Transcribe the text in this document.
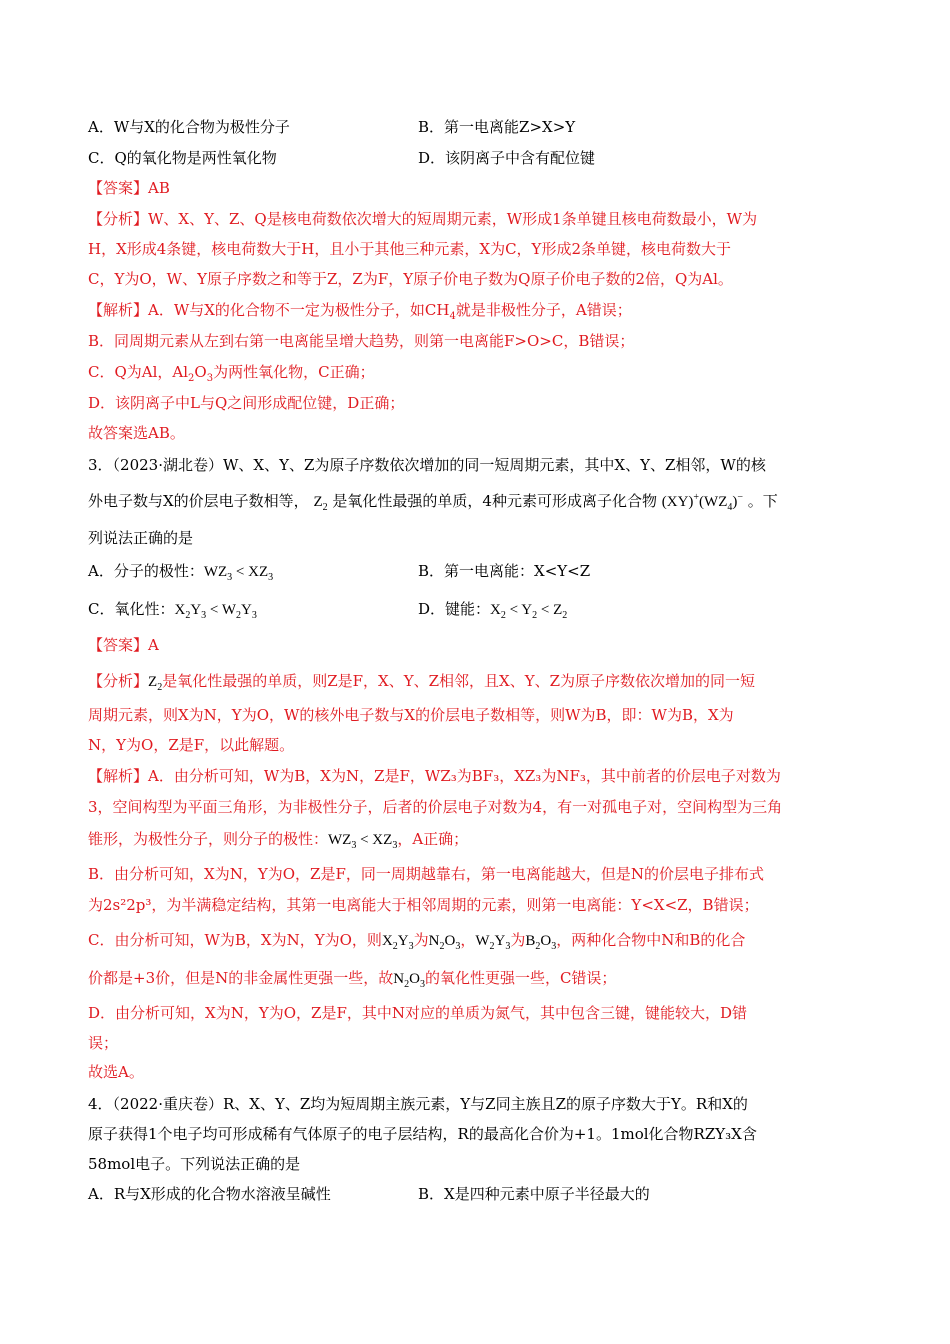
A．W与X的化合物为极性分子	B．第一电离能Z>X>Y
C．Q的氧化物是两性氧化物	D．该阴离子中含有配位键
【答案】AB
【分析】W、X、Y、Z、Q是核电荷数依次增大的短周期元素，W形成1条单键且核电荷数最小，W为
H，X形成4条键，核电荷数大于H，且小于其他三种元素，X为C，Y形成2条单键，核电荷数大于
C，Y为O，W、Y原子序数之和等于Z，Z为F，Y原子价电子数为Q原子价电子数的2倍，Q为Al。
【解析】A．W与X的化合物不一定为极性分子，如$CH_4$就是非极性分子，A错误；
B．同周期元素从左到右第一电离能呈增大趋势，则第一电离能F>O>C，B错误；
C．Q为Al，$Al_2O_3$为两性氧化物，C正确；
D．该阴离子中L与Q之间形成配位键，D正确；
故答案选AB。
3．（2023·湖北卷）W、X、Y、Z为原子序数依次增加的同一短周期元素，其中X、Y、Z相邻，W的核
外电子数与X的价层电子数相等， $Z_2$ 是氧化性最强的单质，4种元素可形成离子化合物 $(XY)^+(WZ_4)^-$ 。下
列说法正确的是
A．分子的极性：$WZ_3 < XZ_3$	B．第一电离能：X<Y<Z
C．氧化性：$X_2Y_3 < W_2Y_3$	D．键能：$X_2 < Y_2 < Z_2$
【答案】A
【分析】$Z_2$是氧化性最强的单质，则Z是F，X、Y、Z相邻，且X、Y、Z为原子序数依次增加的同一短
周期元素，则X为N，Y为O，W的核外电子数与X的价层电子数相等，则W为B，即：W为B，X为
N，Y为O，Z是F，以此解题。
【解析】A．由分析可知，W为B，X为N，Z是F，WZ₃为BF₃，XZ₃为NF₃，其中前者的价层电子对数为
3，空间构型为平面三角形，为非极性分子，后者的价层电子对数为4，有一对孤电子对，空间构型为三角
锥形，为极性分子，则分子的极性：$WZ_3 < XZ_3$，A正确；
B．由分析可知，X为N，Y为O，Z是F，同一周期越靠右，第一电离能越大，但是N的价层电子排布式
为2s²2p³，为半满稳定结构，其第一电离能大于相邻周期的元素，则第一电离能：Y<X<Z，B错误；
C．由分析可知，W为B，X为N，Y为O，则$X_2Y_3$为$N_2O_3$，$W_2Y_3$为$B_2O_3$，两种化合物中N和B的化合
价都是+3价，但是N的非金属性更强一些，故$N_2O_3$的氧化性更强一些，C错误；
D．由分析可知，X为N，Y为O，Z是F，其中N对应的单质为氮气，其中包含三键，键能较大，D错
误；
故选A。
4．（2022·重庆卷）R、X、Y、Z均为短周期主族元素，Y与Z同主族且Z的原子序数大于Y。R和X的
原子获得1个电子均可形成稀有气体原子的电子层结构，R的最高化合价为+1。1mol化合物RZY₃X含
58mol电子。下列说法正确的是
A．R与X形成的化合物水溶液呈碱性	B．X是四种元素中原子半径最大的
